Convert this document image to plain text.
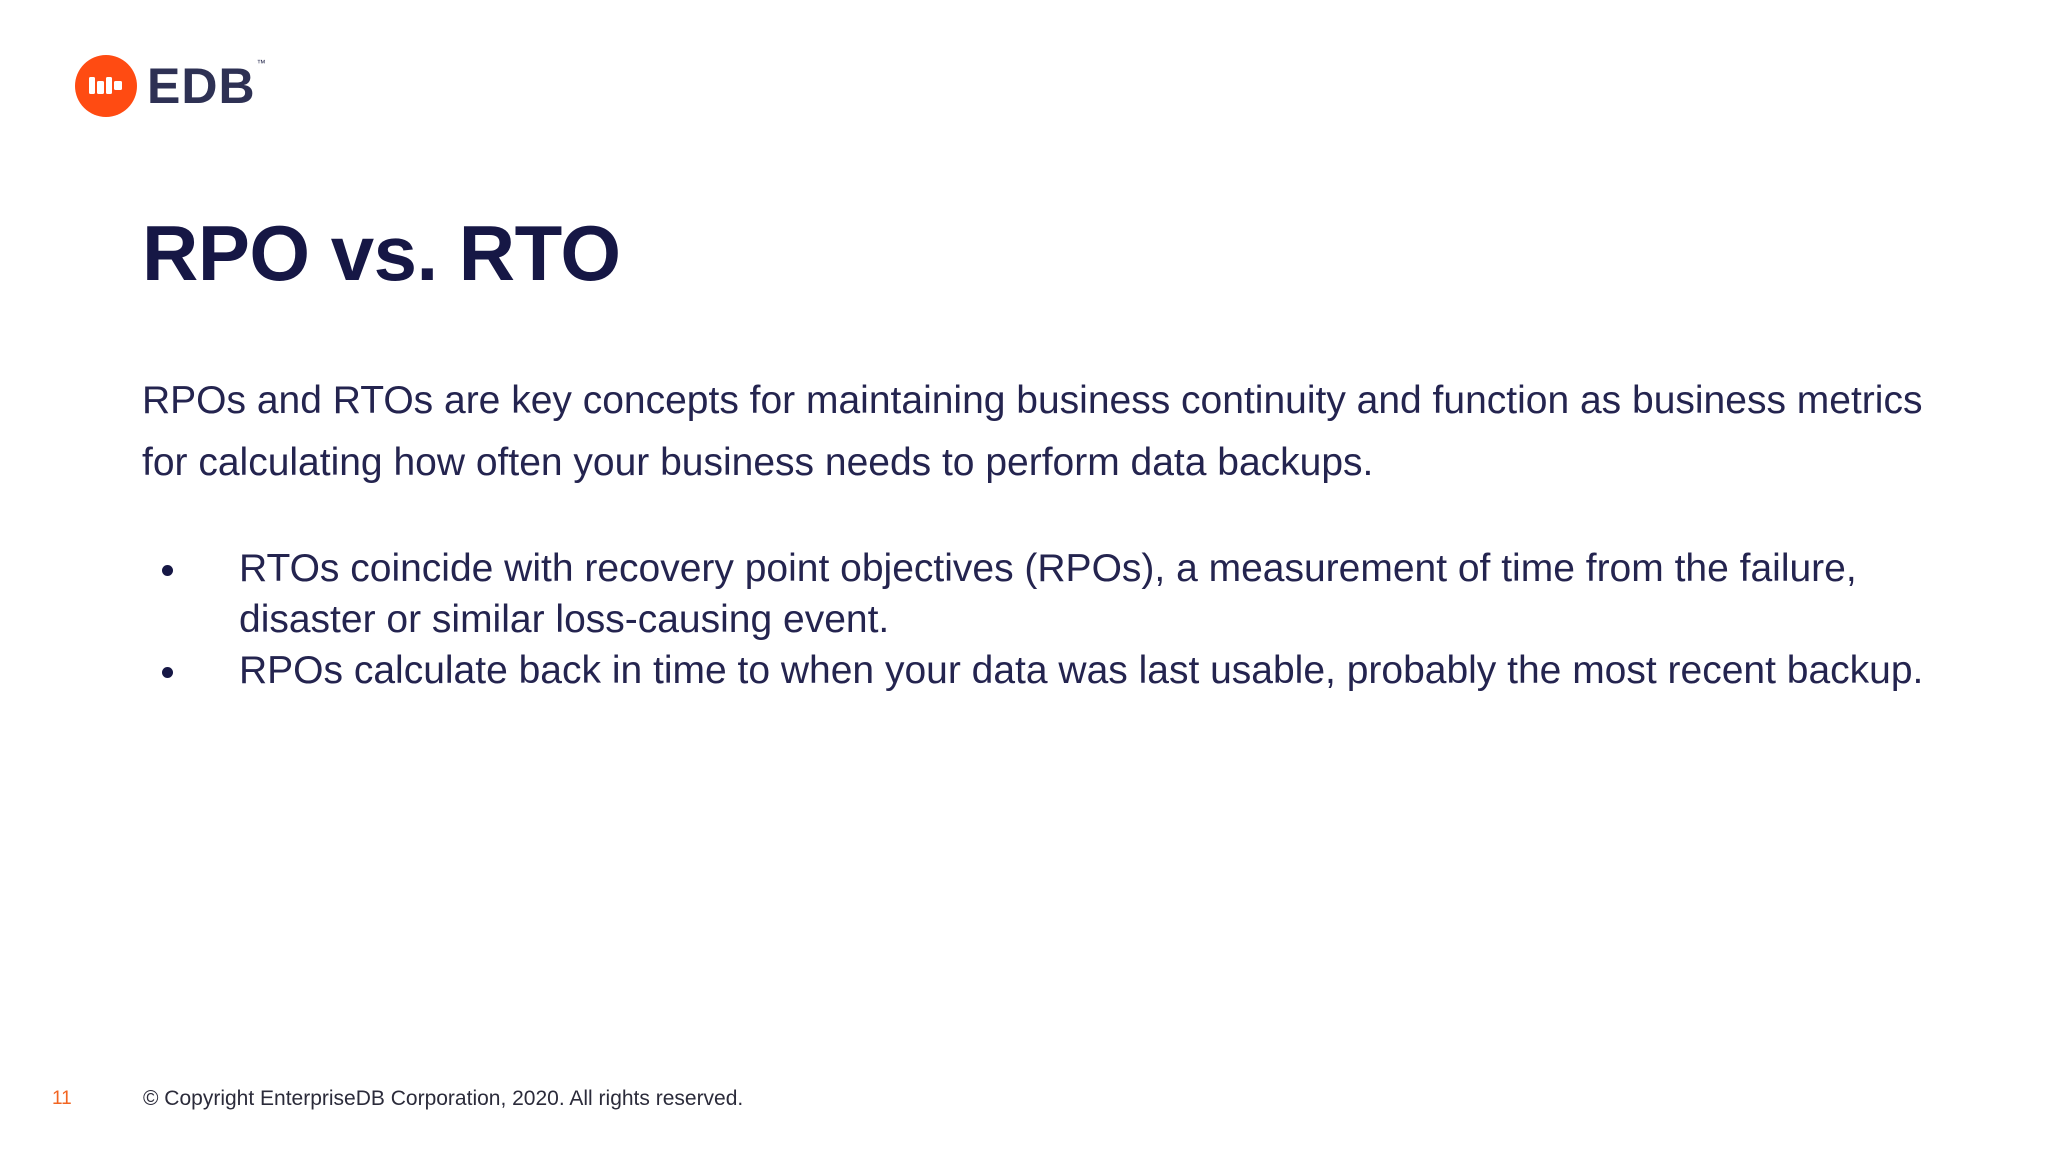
EDB ™
RPO vs. RTO

RPOs and RTOs are key concepts for maintaining business continuity and function as business metrics for calculating how often your business needs to perform data backups.

RTOs coincide with recovery point objectives (RPOs), a measurement of time from the failure, disaster or similar loss-causing event.
RPOs calculate back in time to when your data was last usable, probably the most recent backup.
11	© Copyright EnterpriseDB Corporation, 2020. All rights reserved.
